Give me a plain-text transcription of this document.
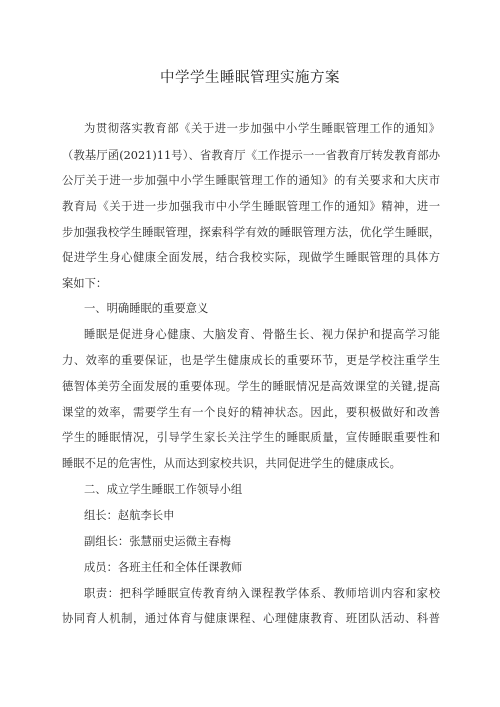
中学学生睡眠管理实施方案
为贯彻落实教育部《关于进一步加强中小学生睡眠管理工作的通知》
（教基厅函(2021)11号）、省教育厅《工作提示一一省教育厅转发教育部办
公厅关于进一步加强中小学生睡眠管理工作的通知》的有关要求和大庆市
教育局《关于进一步加强我市中小学生睡眠管理工作的通知》精神，进一
步加强我校学生睡眠管理，探索科学有效的睡眠管理方法，优化学生睡眠，
促进学生身心健康全面发展，结合我校实际，现做学生睡眠管理的具体方
案如下：
一、明确睡眠的重要意义
睡眠是促进身心健康、大脑发育、骨骼生长、视力保护和提高学习能
力、效率的重要保证，也是学生健康成长的重要环节，更是学校注重学生
德智体美劳全面发展的重要体现。学生的睡眠情况是高效课堂的关键,提高
课堂的效率，需要学生有一个良好的精神状态。因此，要积极做好和改善
学生的睡眠情况，引导学生家长关注学生的睡眠质量，宣传睡眠重要性和
睡眠不足的危害性，从而达到家校共识，共同促进学生的健康成长。
二、成立学生睡眠工作领导小组
组长：赵航李长申
副组长：张慧丽史运微主春梅
成员：各班主任和全体任课教师
职责：把科学睡眠宣传教育纳入课程教学体系、教师培训内容和家校
协同育人机制，通过体育与健康课程、心理健康教育、班团队活动、科普
